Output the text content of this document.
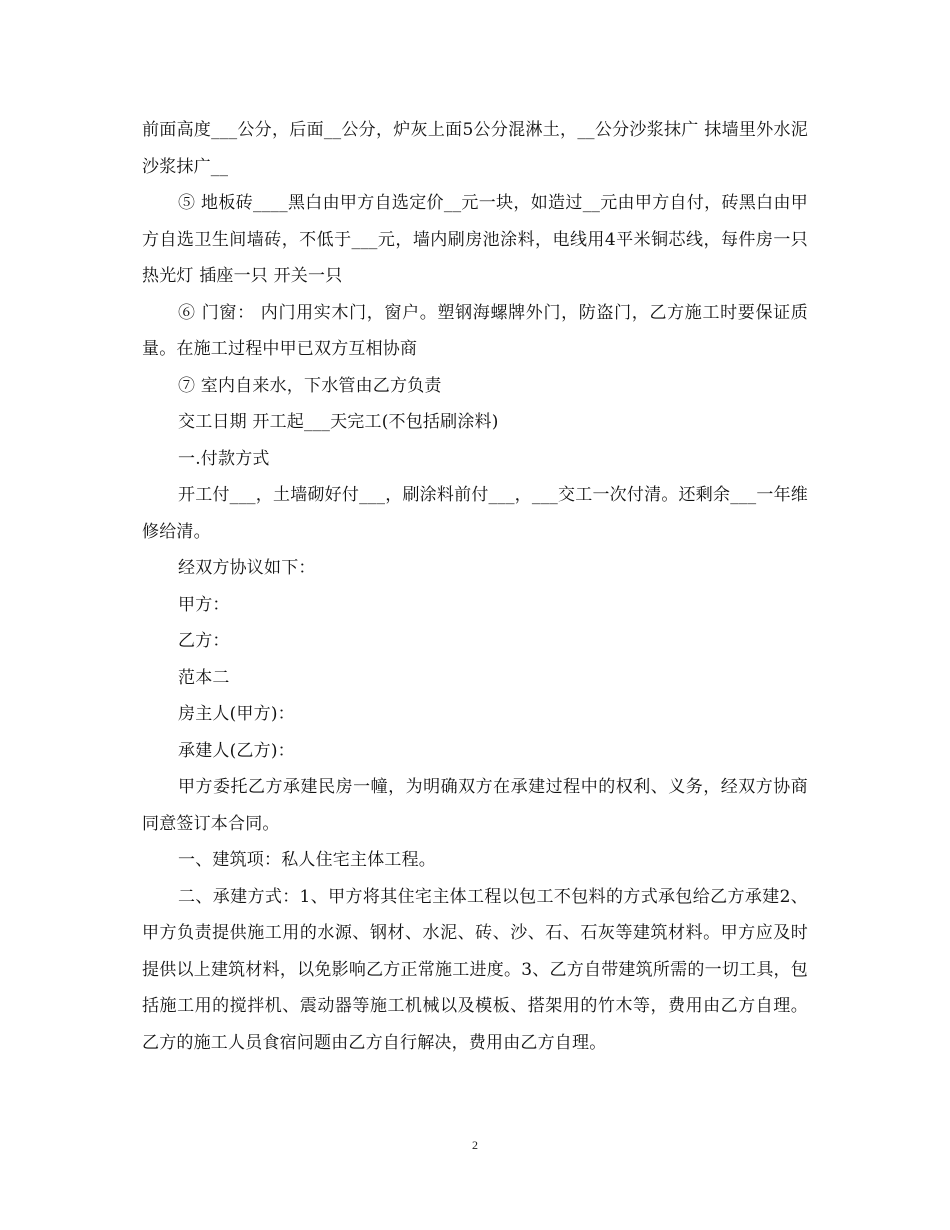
前面高度___公分，后面__公分，炉灰上面5公分混淋土，__公分沙浆抹广 抹墙里外水泥沙浆抹广__

⑤ 地板砖____黑白由甲方自选定价__元一块，如造过__元由甲方自付，砖黑白由甲方自选卫生间墙砖，不低于___元，墙内刷房池涂料，电线用4平米铜芯线，每件房一只热光灯 插座一只 开关一只

⑥ 门窗： 内门用实木门，窗户。塑钢海螺牌外门，防盗门，乙方施工时要保证质量。在施工过程中甲已双方互相协商

⑦ 室内自来水，下水管由乙方负责

交工日期 开工起___天完工(不包括刷涂料)

一.付款方式

开工付___，土墙砌好付___，刷涂料前付___，___交工一次付清。还剩余___一年维修给清。

经双方协议如下：

甲方：

乙方：

范本二

房主人(甲方)：

承建人(乙方)：

甲方委托乙方承建民房一幢，为明确双方在承建过程中的权利、义务，经双方协商同意签订本合同。

一、建筑项：私人住宅主体工程。

二、承建方式：1、甲方将其住宅主体工程以包工不包料的方式承包给乙方承建2、甲方负责提供施工用的水源、钢材、水泥、砖、沙、石、石灰等建筑材料。甲方应及时提供以上建筑材料，以免影响乙方正常施工进度。3、乙方自带建筑所需的一切工具，包括施工用的搅拌机、震动器等施工机械以及模板、搭架用的竹木等，费用由乙方自理。乙方的施工人员食宿问题由乙方自行解决，费用由乙方自理。

2
